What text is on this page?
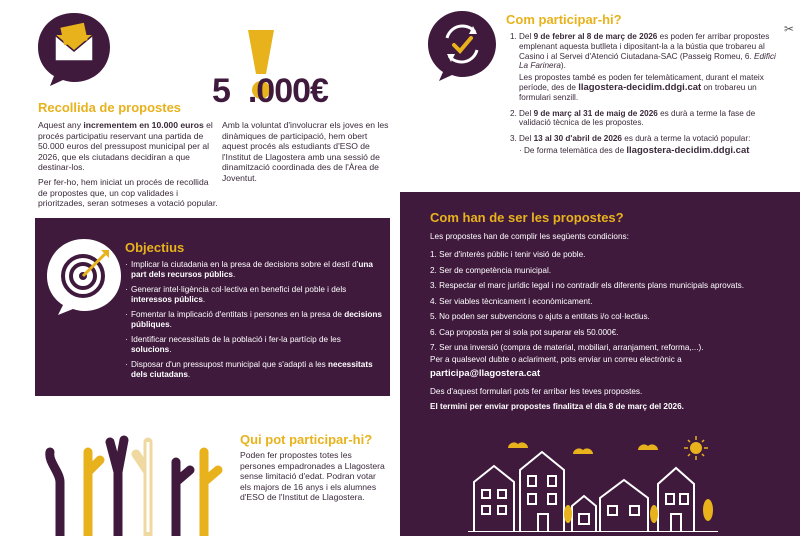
Recollida de propostes

Aquest any incrementem en 10.000 euros el procés participatiu reservant una partida de 50.000 euros del pressupost municipal per al 2026, que els ciutadans decidiran a que destinar-los.

Per fer-ho, hem iniciat un procés de recollida de propostes que, un cop validades i prioritzades, seran sotmeses a votació popular.

5 .000€
Amb la voluntat d'involucrar els joves en les dinàmiques de participació, hem obert aquest procés als estudiants d'ESO de l'Institut de Llagostera amb una sessió de dinamització coordinada des de l'Àrea de Joventut.
Objectius
· Implicar la ciutadania en la presa de decisions sobre el destí d'una part dels recursos públics.
· Generar intel·ligència col·lectiva en benefici del poble i dels interessos públics.
· Fomentar la implicació d'entitats i persones en la presa de decisions públiques.
· Identificar necessitats de la població i fer-la partícip de les solucions.
· Disposar d'un pressupost municipal que s'adapti a les necessitats dels ciutadans.
Qui pot participar-hi?
Poden fer propostes totes les persones empadronades a Llagostera sense limitació d'edat. Podran votar els majors de 16 anys i els alumnes d'ESO de l'Institut de Llagostera.
Com participar-hi?
1. Del 9 de febrer al 8 de març de 2026 es poden fer arribar propostes emplenant aquesta butlleta i dipositant-la a la bústia que trobareu al Casino i al Servei d'Atenció Ciutadana-SAC (Passeig Romeu, 6. Edifici La Farinera).
Les propostes també es poden fer telemàticament, durant el mateix període, des de llagostera-decidim.ddgi.cat on trobareu un formulari senzill.
2. Del 9 de març al 31 de maig de 2026 es durà a terme la fase de validació tècnica de les propostes.
3. Del 13 al 30 d'abril de 2026 es durà a terme la votació popular:
· De forma telemàtica des de llagostera-decidim.ddgi.cat
Com han de ser les propostes?
Les propostes han de complir les següents condicions:
1. Ser d'interès públic i tenir visió de poble.
2. Ser de competència municipal.
3. Respectar el marc jurídic legal i no contradir els diferents plans municipals aprovats.
4. Ser viables tècnicament i econòmicament.
5. No poden ser subvencions o ajuts a entitats i/o col·lectius.
6. Cap proposta per si sola pot superar els 50.000€.
7. Ser una inversió (compra de material, mobiliari, arranjament, reforma,...).
Per a qualsevol dubte o aclariment, pots enviar un correu electrònic a
participa@llagostera.cat
Des d'aquest formulari pots fer arribar les teves propostes.
El termini per enviar propostes finalitza el dia 8 de març del 2026.
✂
